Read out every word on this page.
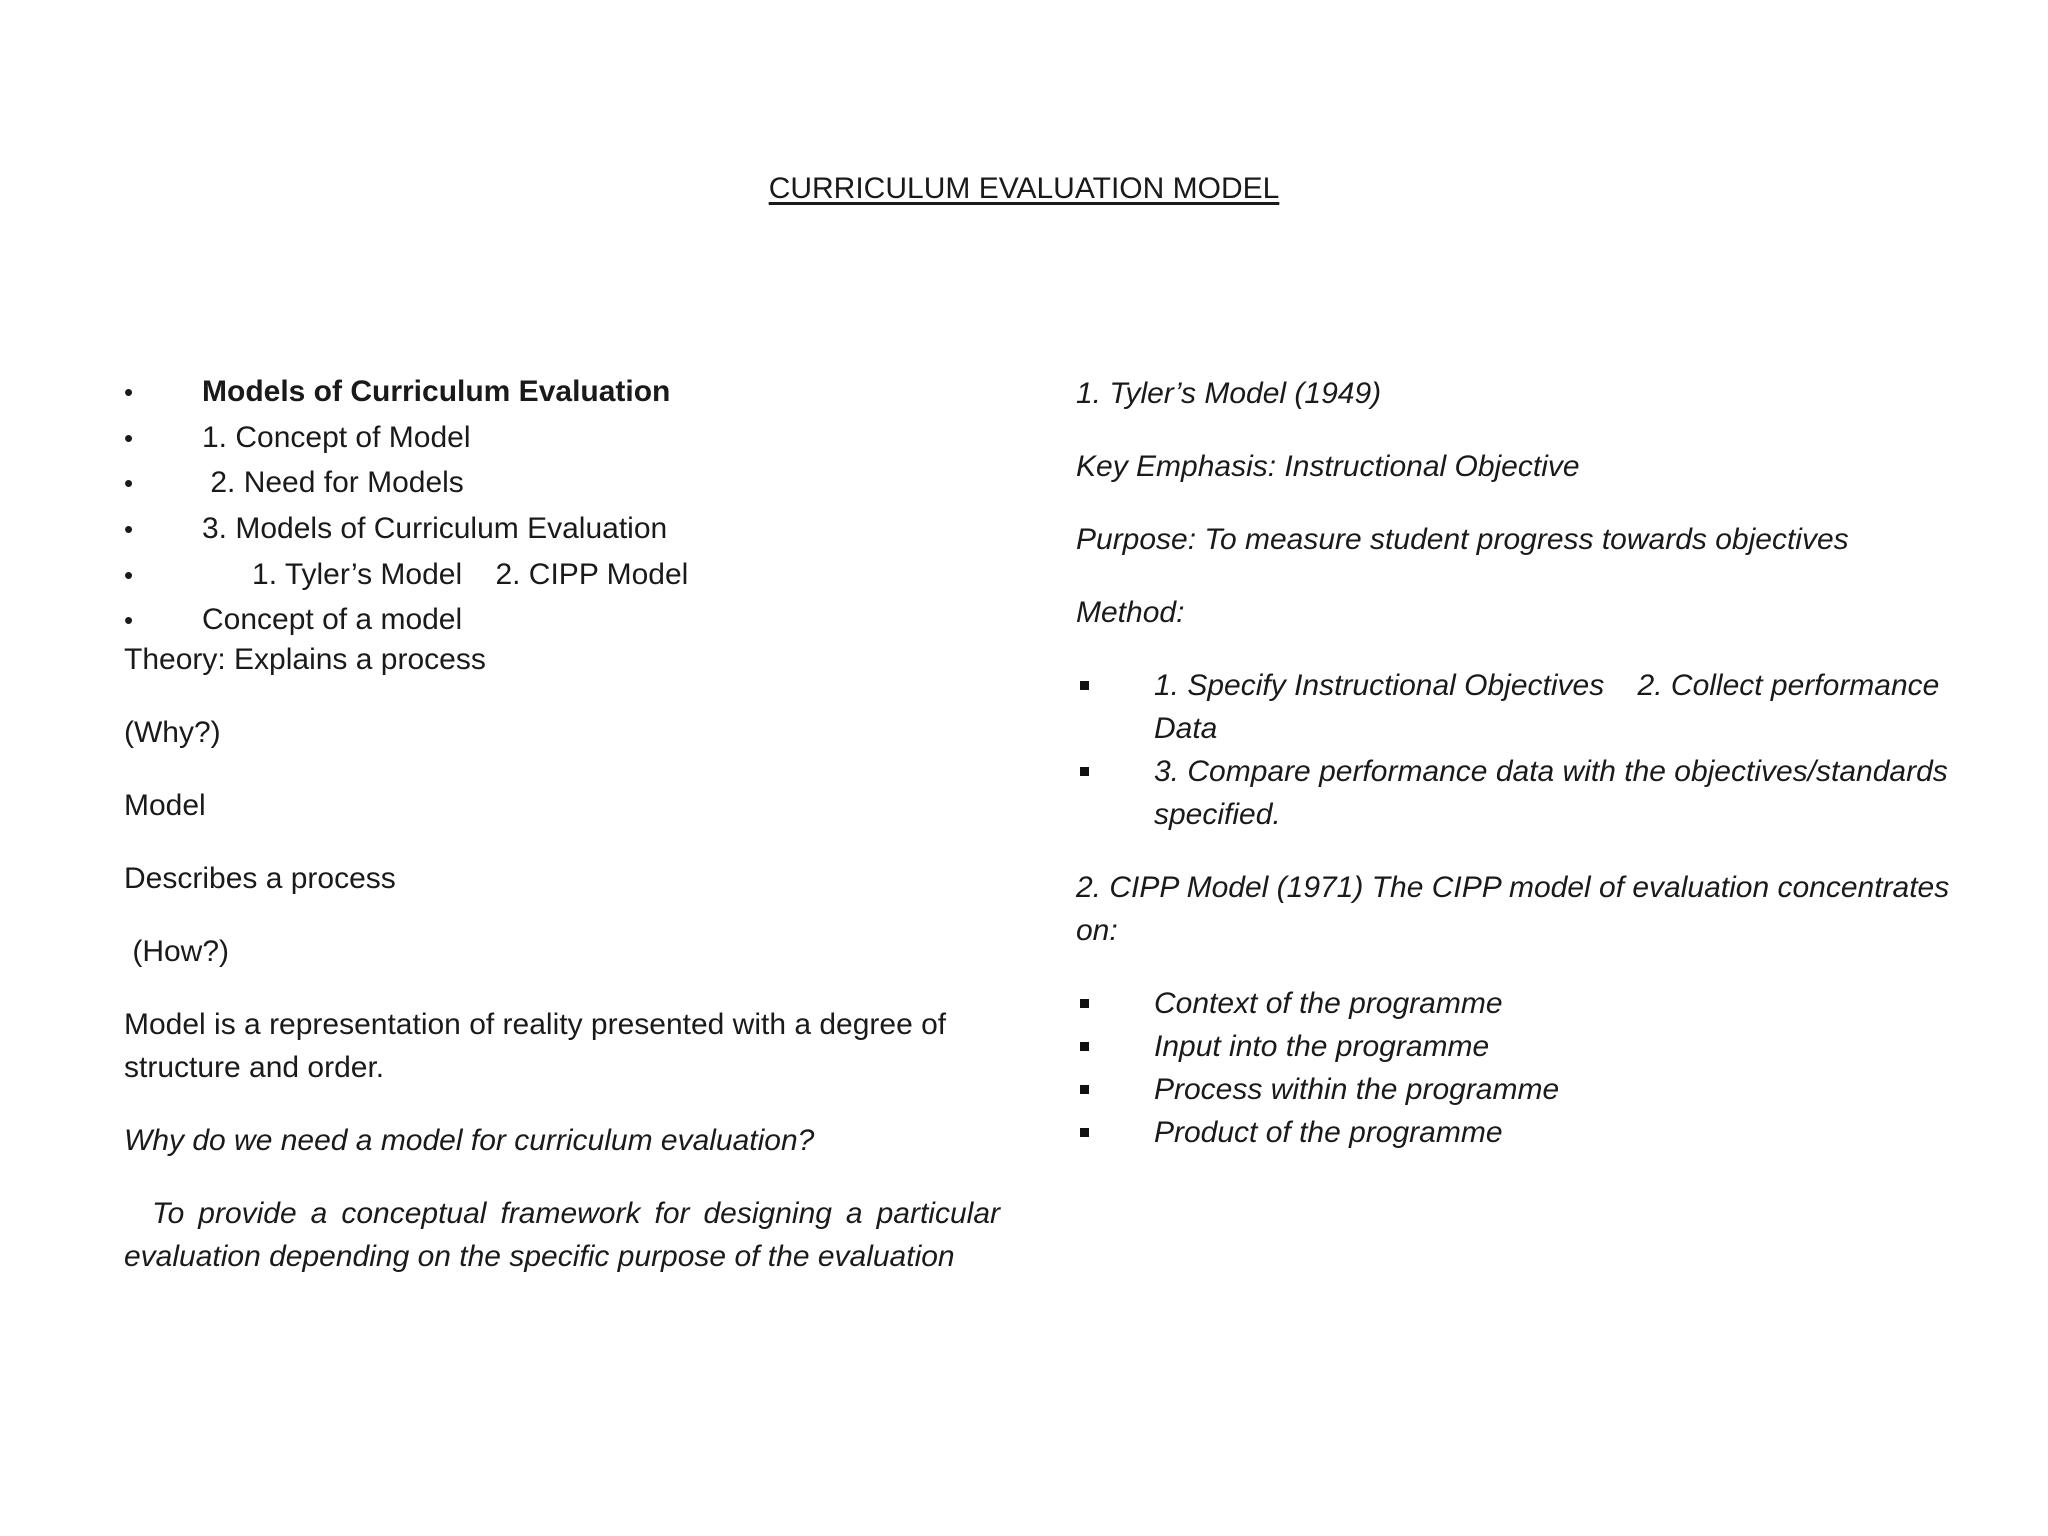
CURRICULUM EVALUATION MODEL
• Models of Curriculum Evaluation
• 1. Concept of Model
• 2. Need for Models
• 3. Models of Curriculum Evaluation
• 1. Tyler’s Model    2. CIPP Model
• Concept of a model

Theory: Explains a process

(Why?)

Model

Describes a process

(How?)

Model is a representation of reality presented with a degree of structure and order.

Why do we need a model for curriculum evaluation?

To provide a conceptual framework for designing a particular evaluation depending on the specific purpose of the evaluation

1. Tyler’s Model (1949)

Key Emphasis: Instructional Objective

Purpose: To measure student progress towards objectives

Method:

1. Specify Instructional Objectives    2. Collect performance Data
3. Compare performance data with the objectives/standards specified.

2. CIPP Model (1971) The CIPP model of evaluation concentrates on:

Context of the programme
Input into the programme
Process within the programme
Product of the programme
